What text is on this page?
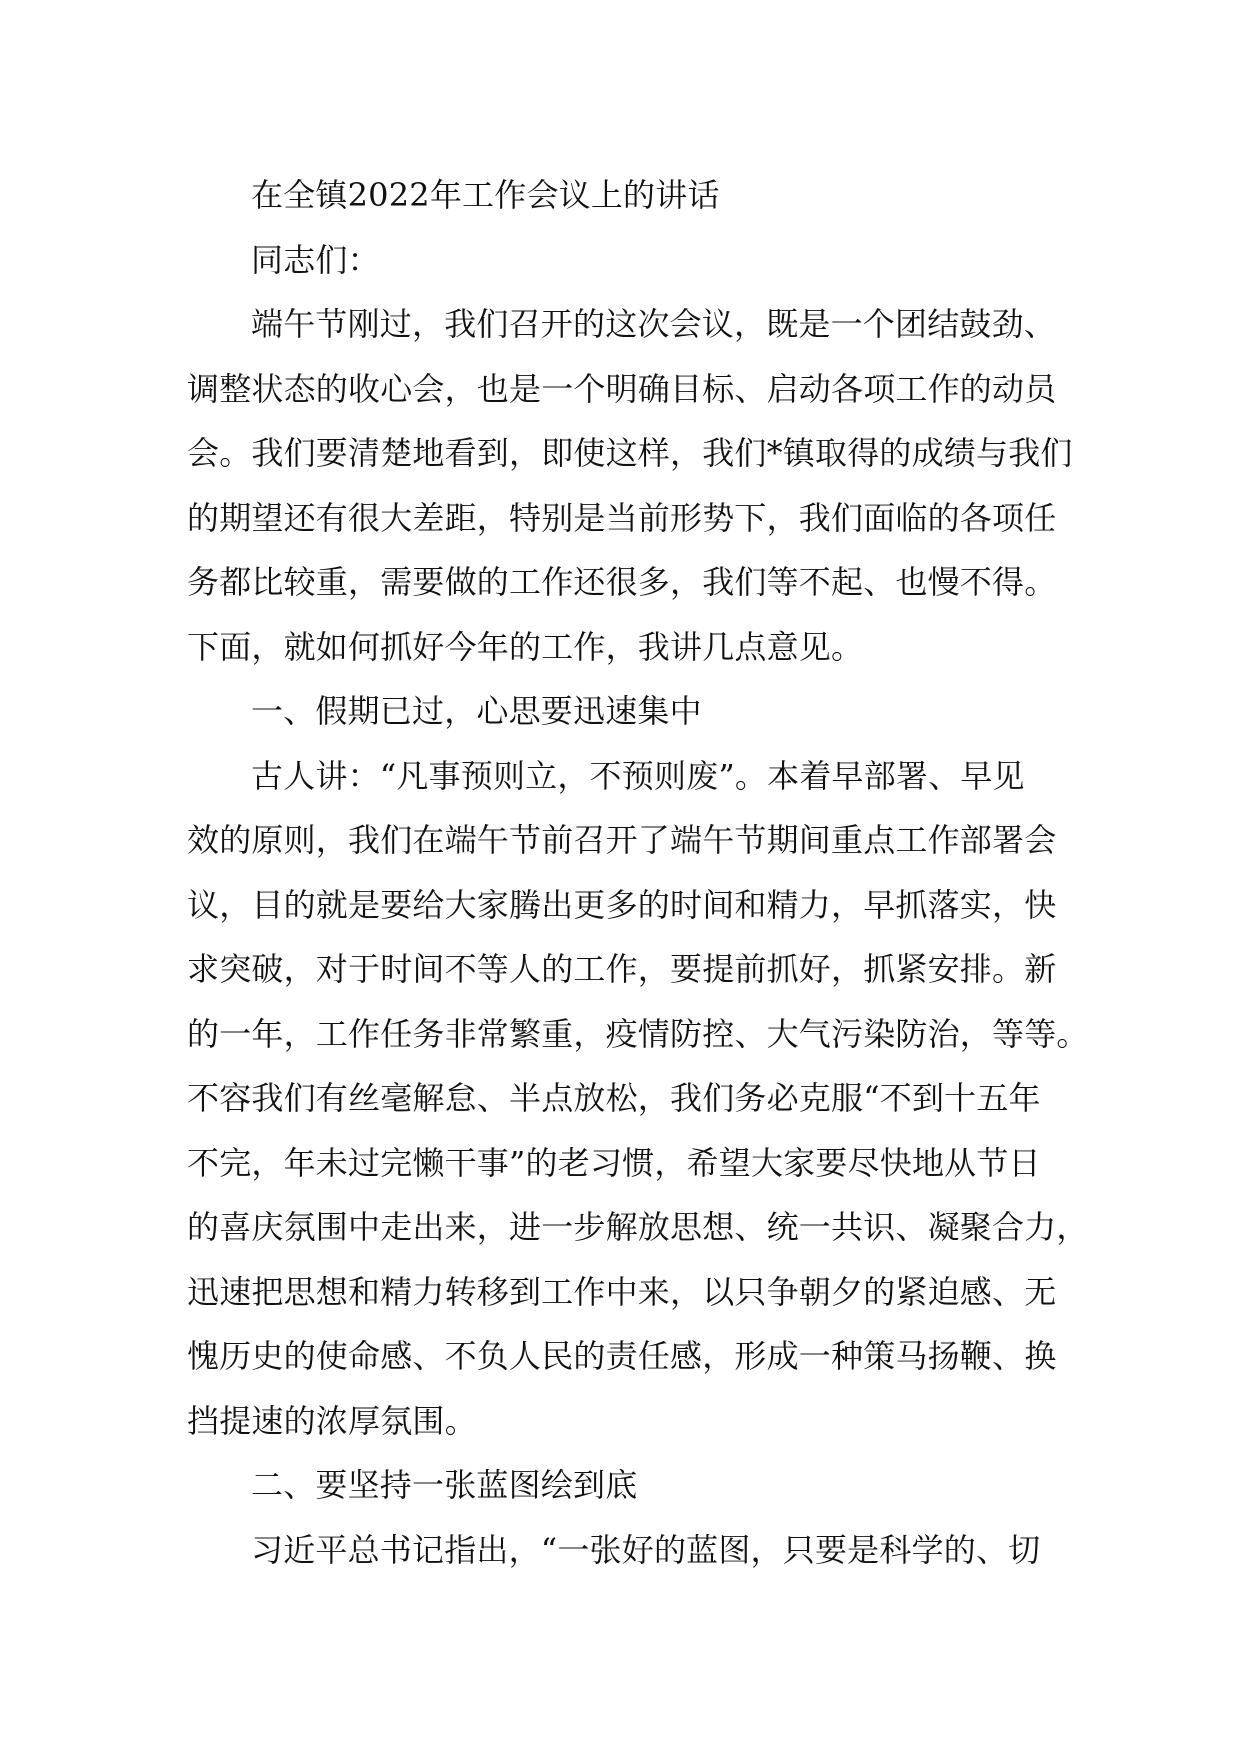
在全镇2022年工作会议上的讲话

同志们：

端午节刚过，我们召开的这次会议，既是一个团结鼓劲、
调整状态的收心会，也是一个明确目标、启动各项工作的动员
会。我们要清楚地看到，即使这样，我们*镇取得的成绩与我们
的期望还有很大差距，特别是当前形势下，我们面临的各项任
务都比较重，需要做的工作还很多，我们等不起、也慢不得。
下面，就如何抓好今年的工作，我讲几点意见。

一、假期已过，心思要迅速集中

古人讲：“凡事预则立，不预则废”。本着早部署、早见
效的原则，我们在端午节前召开了端午节期间重点工作部署会
议，目的就是要给大家腾出更多的时间和精力，早抓落实，快
求突破，对于时间不等人的工作，要提前抓好，抓紧安排。新
的一年，工作任务非常繁重，疫情防控、大气污染防治，等等。
不容我们有丝毫解怠、半点放松，我们务必克服“不到十五年
不完，年未过完懒干事”的老习惯，希望大家要尽快地从节日
的喜庆氛围中走出来，进一步解放思想、统一共识、凝聚合力，
迅速把思想和精力转移到工作中来，以只争朝夕的紧迫感、无
愧历史的使命感、不负人民的责任感，形成一种策马扬鞭、换
挡提速的浓厚氛围。

二、要坚持一张蓝图绘到底

习近平总书记指出，“一张好的蓝图，只要是科学的、切
